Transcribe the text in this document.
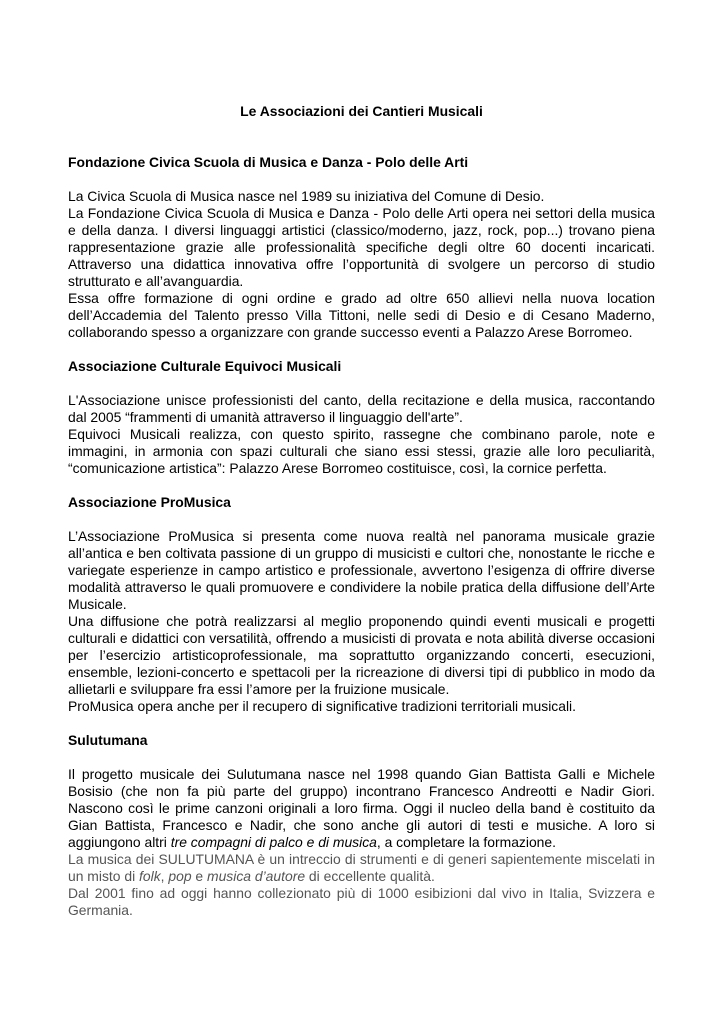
Le Associazioni dei Cantieri Musicali
Fondazione Civica Scuola di Musica e Danza - Polo delle Arti

La Civica Scuola di Musica nasce nel 1989 su iniziativa del Comune di Desio.

La Fondazione Civica Scuola di Musica e Danza - Polo delle Arti opera nei settori della musica e della danza. I diversi linguaggi artistici (classico/moderno, jazz, rock, pop...) trovano piena rappresentazione grazie alle professionalità specifiche degli oltre 60 docenti incaricati. Attraverso una didattica innovativa offre l’opportunità di svolgere un percorso di studio strutturato e all’avanguardia.

Essa offre formazione di ogni ordine e grado ad oltre 650 allievi nella nuova location dell’Accademia del Talento presso Villa Tittoni, nelle sedi di Desio e di Cesano Maderno, collaborando spesso a organizzare con grande successo eventi a Palazzo Arese Borromeo.

Associazione Culturale Equivoci Musicali

L'Associazione unisce professionisti del canto, della recitazione e della musica, raccontando dal 2005 “frammenti di umanità attraverso il linguaggio dell'arte”.

Equivoci Musicali realizza, con questo spirito, rassegne che combinano parole, note e immagini, in armonia con spazi culturali che siano essi stessi, grazie alle loro peculiarità, “comunicazione artistica”: Palazzo Arese Borromeo costituisce, così, la cornice perfetta.

Associazione ProMusica

L’Associazione ProMusica si presenta come nuova realtà nel panorama musicale grazie all’antica e ben coltivata passione di un gruppo di musicisti e cultori che, nonostante le ricche e variegate esperienze in campo artistico e professionale, avvertono l’esigenza di offrire diverse modalità attraverso le quali promuovere e condividere la nobile pratica della diffusione dell’Arte Musicale.

Una diffusione che potrà realizzarsi al meglio proponendo quindi eventi musicali e progetti culturali e didattici con versatilità, offrendo a musicisti di provata e nota abilità diverse occasioni per l’esercizio artisticoprofessionale, ma soprattutto organizzando concerti, esecuzioni, ensemble, lezioni-concerto e spettacoli per la ricreazione di diversi tipi di pubblico in modo da allietarli e sviluppare fra essi l’amore per la fruizione musicale.

ProMusica opera anche per il recupero di significative tradizioni territoriali musicali.

Sulutumana

Il progetto musicale dei Sulutumana nasce nel 1998 quando Gian Battista Galli e Michele Bosisio (che non fa più parte del gruppo) incontrano Francesco Andreotti e Nadir Giori. Nascono così le prime canzoni originali a loro firma. Oggi il nucleo della band è costituito da Gian Battista, Francesco e Nadir, che sono anche gli autori di testi e musiche. A loro si aggiungono altri tre compagni di palco e di musica, a completare la formazione.

La musica dei SULUTUMANA è un intreccio di strumenti e di generi sapientemente miscelati in un misto di folk, pop e musica d’autore di eccellente qualità.

Dal 2001 fino ad oggi hanno collezionato più di 1000 esibizioni dal vivo in Italia, Svizzera e Germania.
